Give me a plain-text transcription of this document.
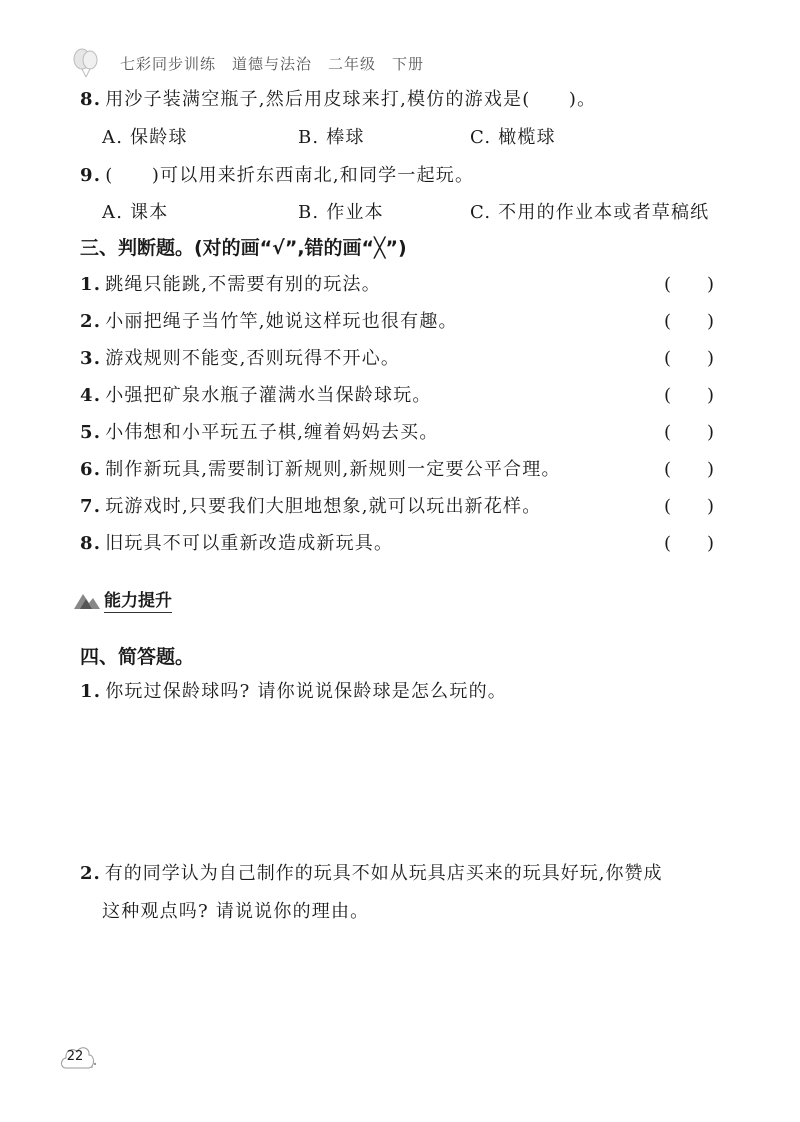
七彩同步训练 道德与法治 二年级 下册
8. 用沙子装满空瓶子,然后用皮球来打,模仿的游戏是(　　)。
A. 保龄球	B. 棒球	C. 橄榄球
9. (　　)可以用来折东西南北,和同学一起玩。
A. 课本	B. 作业本	C. 不用的作业本或者草稿纸
三、判断题。(对的画“√”,错的画“╳”)
1. 跳绳只能跳,不需要有别的玩法。	(　　)
2. 小丽把绳子当竹竿,她说这样玩也很有趣。	(　　)
3. 游戏规则不能变,否则玩得不开心。	(　　)
4. 小强把矿泉水瓶子灌满水当保龄球玩。	(　　)
5. 小伟想和小平玩五子棋,缠着妈妈去买。	(　　)
6. 制作新玩具,需要制订新规则,新规则一定要公平合理。	(　　)
7. 玩游戏时,只要我们大胆地想象,就可以玩出新花样。	(　　)
8. 旧玩具不可以重新改造成新玩具。	(　　)
能力提升
四、简答题。
1. 你玩过保龄球吗? 请你说说保龄球是怎么玩的。
2. 有的同学认为自己制作的玩具不如从玩具店买来的玩具好玩,你赞成
这种观点吗? 请说说你的理由。
22
